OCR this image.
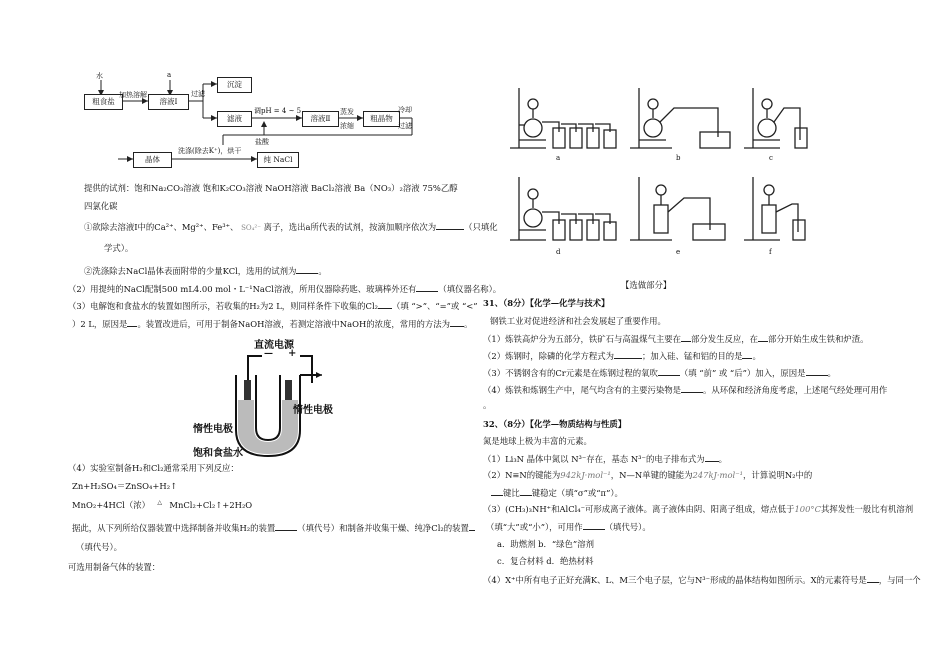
水
粗食盐
加热溶解
a
溶液Ⅰ
过滤
沉淀
滤液
调pH = 4 ~ 5
盐酸
溶液Ⅱ
蒸发
浓缩
粗晶物
冷却
过滤
晶体
洗涤(除去K⁺)，烘干
纯 NaCl
提供的试剂：饱和Na₂CO₃溶液 饱和K₂CO₃溶液 NaOH溶液 BaCl₂溶液 Ba（NO₃）₂溶液 75%乙醇
四氯化碳
①欲除去溶液Ⅰ中的Ca²⁺、Mg²⁺、Fe³⁺、 SO₄²⁻ 离子，选出a所代表的试剂，按滴加顺序依次为	（只填化
学式）。
②洗涤除去NaCl晶体表面附带的少量KCl，选用的试剂为	。
（2）用提纯的NaCl配制500 mL4.00 mol・L⁻¹NaCl溶液，所用仪器除药匙、玻璃棒外还有	（填仪器名称）。
（3）电解饱和食盐水的装置如图所示，若收集的H₂为2 L，则同样条件下收集的Cl₂ （填 “>”、“=”或 “<”
）2 L，原因是 。装置改进后，可用于制备NaOH溶液，若测定溶液中NaOH的浓度，常用的方法为 。
直流电源
— +
惰性电极
惰性电极
饱和食盐水
（4）实验室制备H₂和Cl₂通常采用下列反应：
Zn+H₂SO₄＝ZnSO₄+H₂↑
MnO₂+4HCl（浓） △ MnCl₂+Cl₂↑+2H₂O
据此，从下列所给仪器装置中选择制备并收集H₂的装置	（填代号）和制备并收集干燥、纯净Cl₂的装置
（填代号）。
可选用制备气体的装置：
a	b	c
d	e	f
【选做部分】
31、（8分）【化学—化学与技术】
钢铁工业对促进经济和社会发展起了重要作用。
（1）炼铁高炉分为五部分，铁矿石与高温煤气主要在 部分发生反应，在 部分开始生成生铁和炉渣。
（2）炼钢时，除磷的化学方程式为	；加入硅、锰和铝的目的是 。
（3）不锈钢含有的Cr元素是在炼钢过程的氧吹	（填 “前” 或 “后”）加入，原因是	。
（4）炼铁和炼钢生产中，尾气均含有的主要污染物是	。从环保和经济角度考虑，上述尾气经处理可用作
。
32、（8分）【化学—物质结构与性质】
氮是地球上极为丰富的元素。
（1）Li₃N 晶体中氮以 N³⁻存在，基态 N³⁻的电子排布式为 。
（2）N≡N的键能为942kJ·mol⁻¹，N—N单键的键能为247kJ·mol⁻¹，计算说明N₂中的
键比 键稳定（填“σ”或“π”）。
（3）(CH₃)₃NH⁺和AlCl₄⁻可形成离子液体。离子液体由阴、阳离子组成，熔点低于100°C其挥发性一般比有机溶剂
（填“大”或“小”），可用作	（填代号）。
a．助燃剂 b．“绿色”溶剂
c．复合材料 d．绝热材料
（4）X⁺中所有电子正好充满K、L、M三个电子层，它与N³⁻形成的晶体结构如图所示。X的元素符号是 ，与同一个
